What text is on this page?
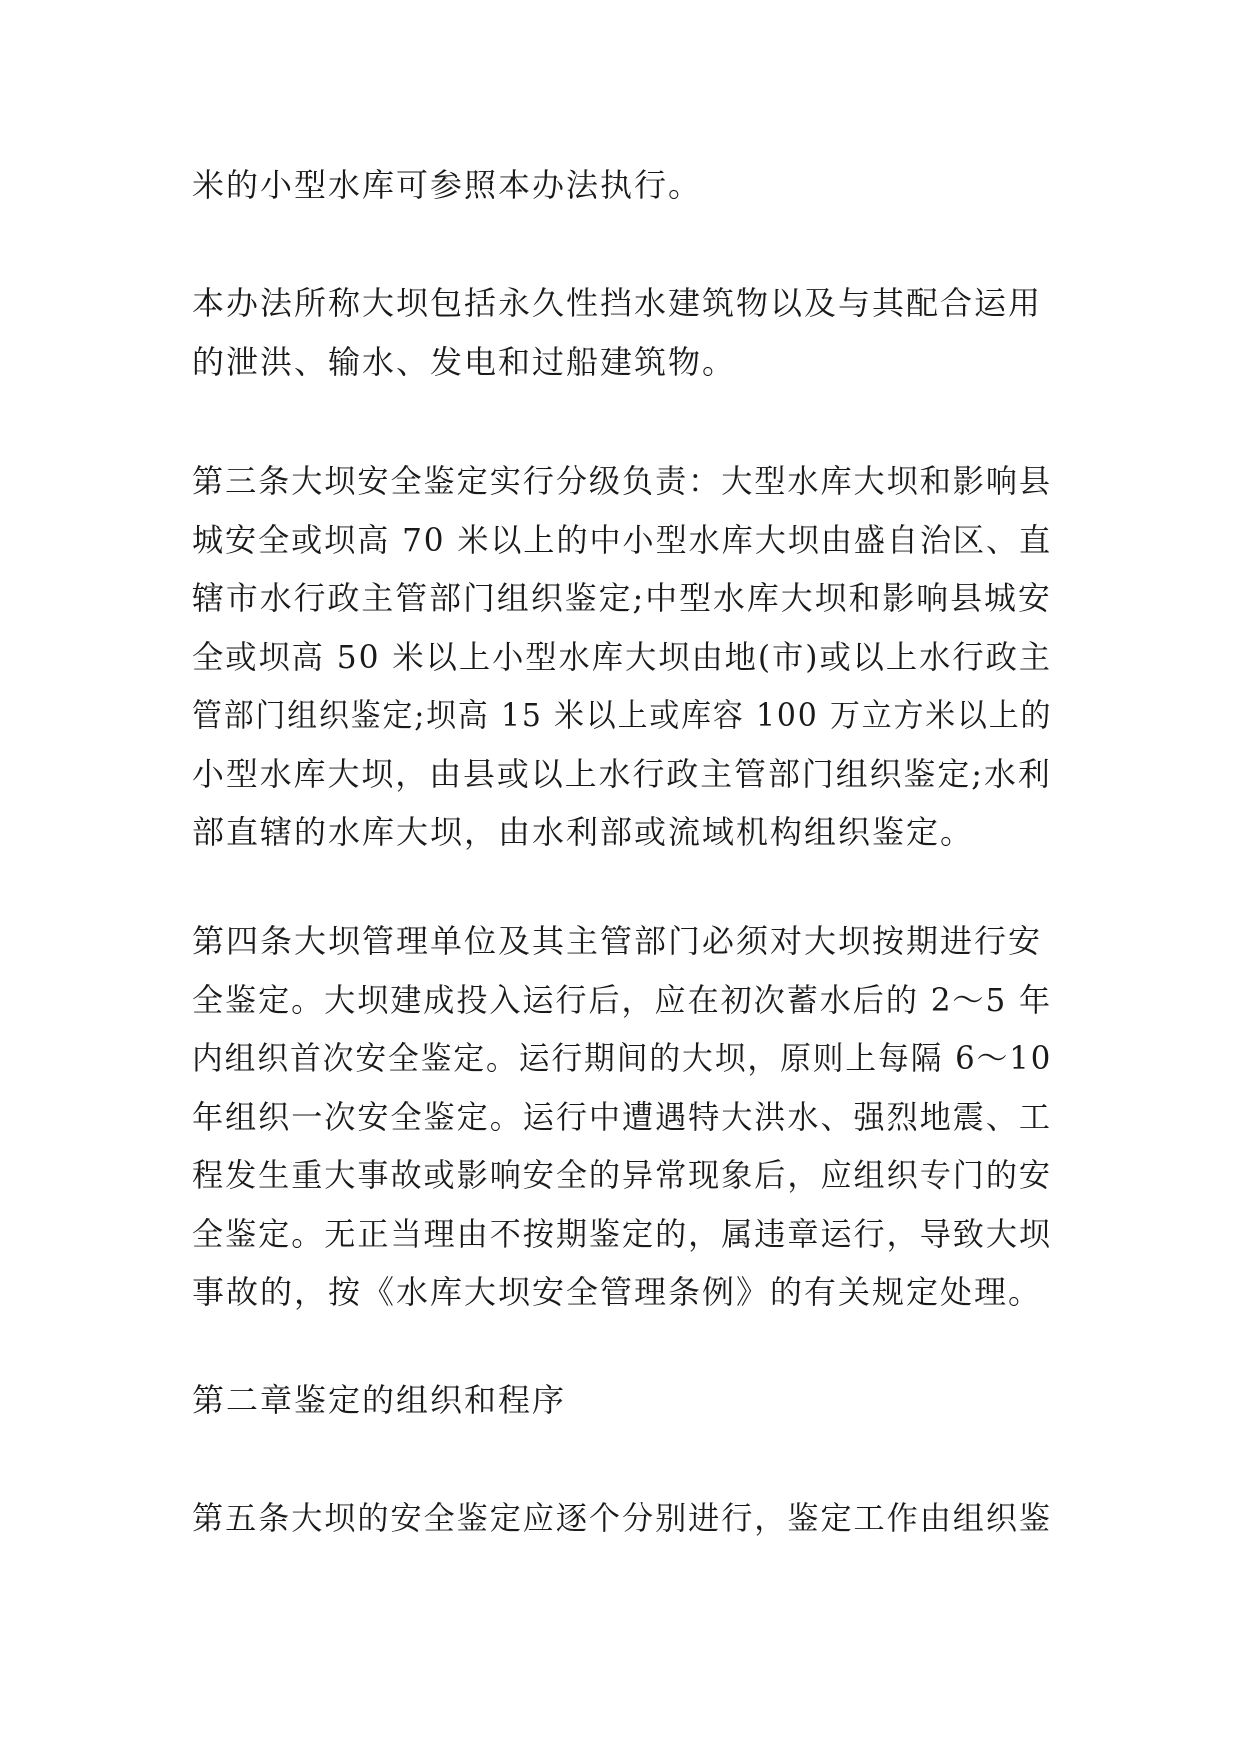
米的小型水库可参照本办法执行。
本办法所称大坝包括永久性挡水建筑物以及与其配合运用
的泄洪、输水、发电和过船建筑物。
第三条大坝安全鉴定实行分级负责：大型水库大坝和影响县
城安全或坝高 70 米以上的中小型水库大坝由盛自治区、直
辖市水行政主管部门组织鉴定;中型水库大坝和影响县城安
全或坝高 50 米以上小型水库大坝由地(市)或以上水行政主
管部门组织鉴定;坝高 15 米以上或库容 100 万立方米以上的
小型水库大坝，由县或以上水行政主管部门组织鉴定;水利
部直辖的水库大坝，由水利部或流域机构组织鉴定。
第四条大坝管理单位及其主管部门必须对大坝按期进行安
全鉴定。大坝建成投入运行后，应在初次蓄水后的 2～5 年
内组织首次安全鉴定。运行期间的大坝，原则上每隔 6～10
年组织一次安全鉴定。运行中遭遇特大洪水、强烈地震、工
程发生重大事故或影响安全的异常现象后，应组织专门的安
全鉴定。无正当理由不按期鉴定的，属违章运行，导致大坝
事故的，按《水库大坝安全管理条例》的有关规定处理。
第二章鉴定的组织和程序
第五条大坝的安全鉴定应逐个分别进行，鉴定工作由组织鉴
